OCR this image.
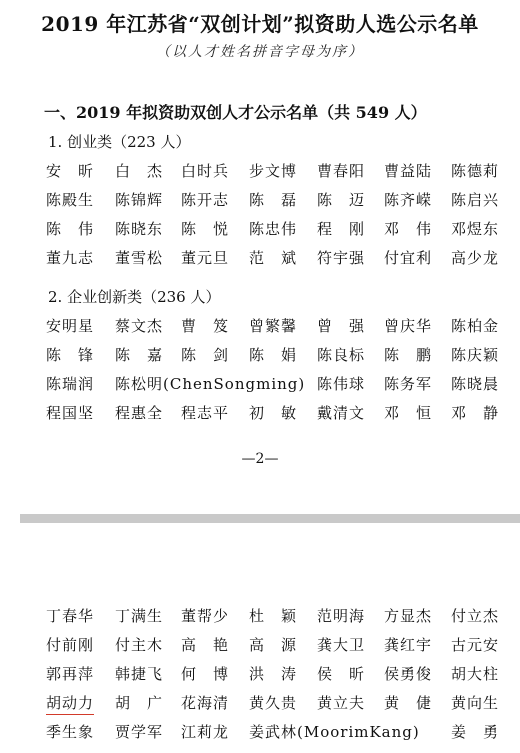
2019 年江苏省“双创计划”拟资助人选公示名单
（以人才姓名拼音字母为序）
一、2019 年拟资助双创人才公示名单（共 549 人）
1. 创业类（223 人）
安　昕 白　杰 白时兵 步文博 曹春阳 曹益陆 陈德莉
陈殿生 陈锦辉 陈开志 陈　磊 陈　迈 陈齐嵘 陈启兴
陈　伟 陈晓东 陈　悦 陈忠伟 程　刚 邓　伟 邓煜东
董九志 董雪松 董元旦 范　斌 符宇强 付宜利 高少龙
2. 企业创新类（236 人）
安明星 蔡文杰 曹　笈 曾繁馨 曾　强 曾庆华 陈柏金
陈　锋 陈　嘉 陈　剑 陈　娟 陈良标 陈　鹏 陈庆颖
陈瑞润 陈松明(ChenSongming) 陈伟球 陈务军 陈晓晨
程国坚 程惠全 程志平 初　敏 戴清文 邓　恒 邓　静
—2—
丁春华 丁满生 董帮少 杜　颖 范明海 方显杰 付立杰
付前刚 付主木 高　艳 高　源 龚大卫 龚红宇 古元安
郭再萍 韩捷飞 何　博 洪　涛 侯　昕 侯勇俊 胡大柱
胡动力 胡　广 花海清 黄久贵 黄立夫 黄　倢 黄向生
季生象 贾学军 江莉龙 姜武林(MoorimKang) 姜　勇
